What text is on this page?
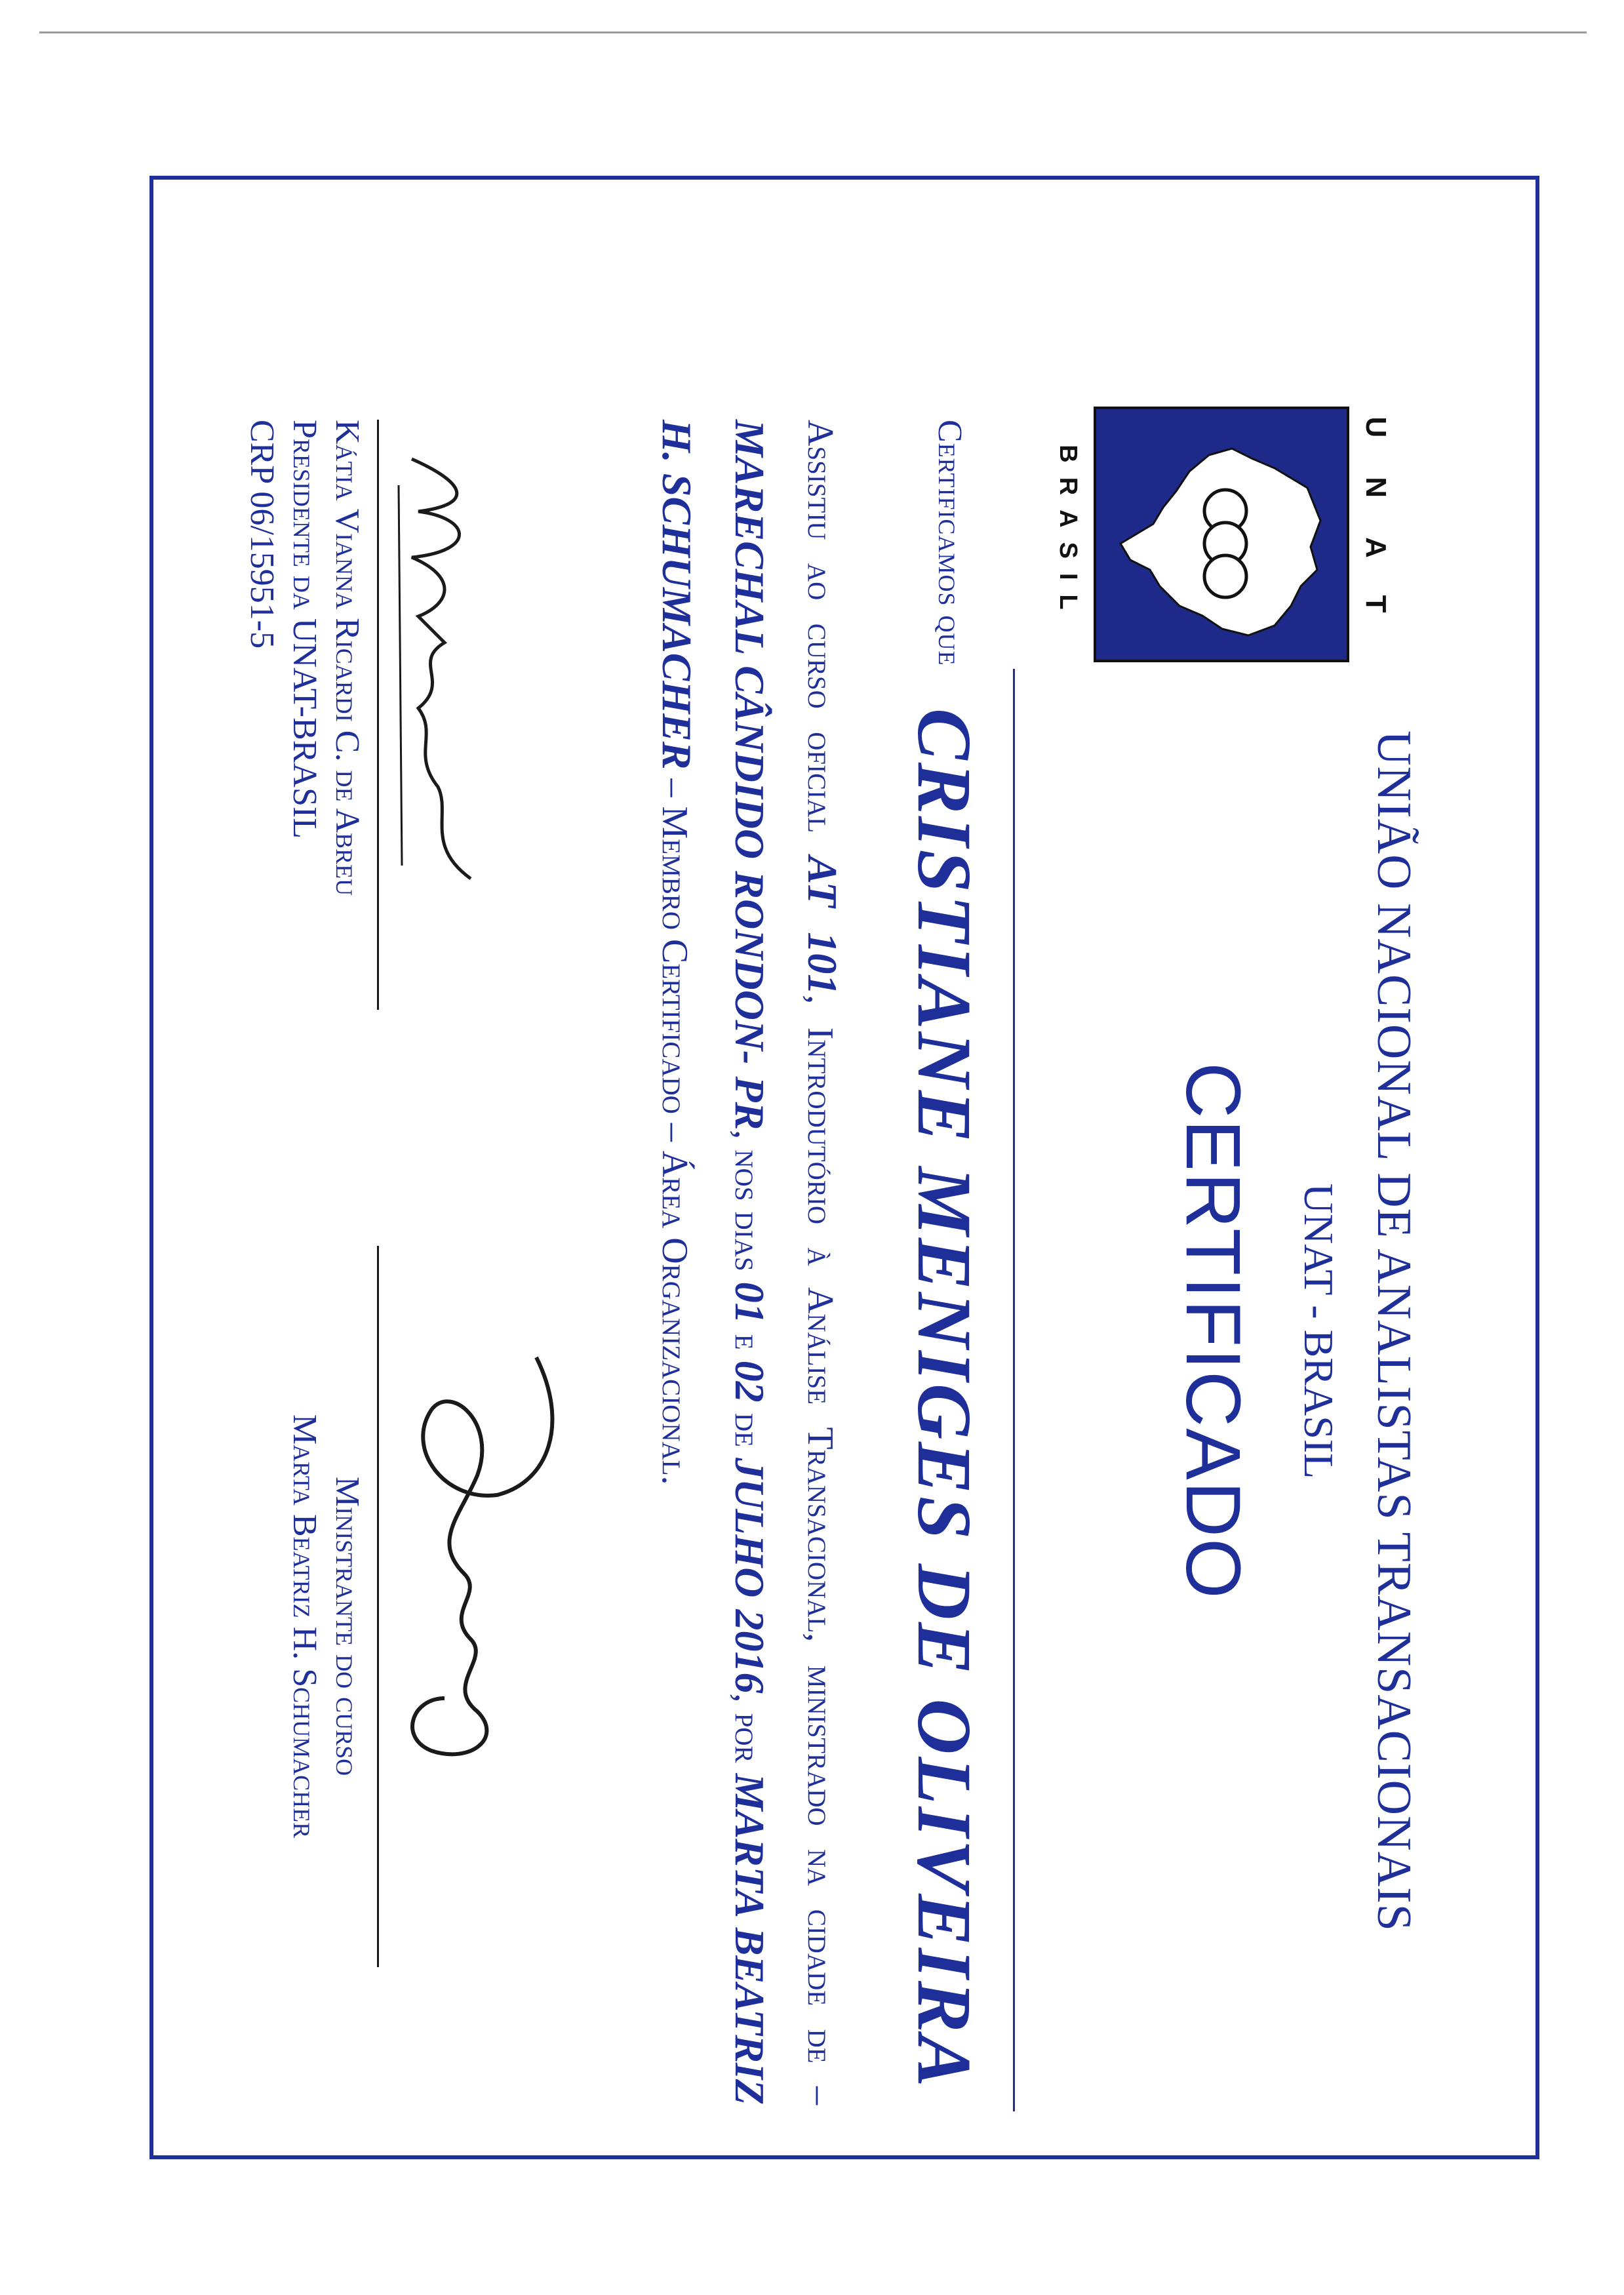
UNAT
BRASIL
UNIÃO NACIONAL DE ANALISTAS TRANSACIONAIS
UNAT - BRASIL
CERTIFICADO
Certificamos que
CRISTIANE MENIGES DE OLIVEIRA
Assistiu ao curso oficial AT 101, Introdutório à Análise Transacional, ministrado na cidade de – MARECHAL CÂNDIDO RONDON- PR, nos dias 01 e 02 de JULHO 2016, por MARTA BEATRIZ H. SCHUMACHER – Membro Certificado – Área Organizacional.
Kátia Vianna Ricardi C. de Abreu
Presidente da UNAT-BRASIL
CRP 06/15951-5
Ministrante do curso
Marta Beatriz H. Schumacher
